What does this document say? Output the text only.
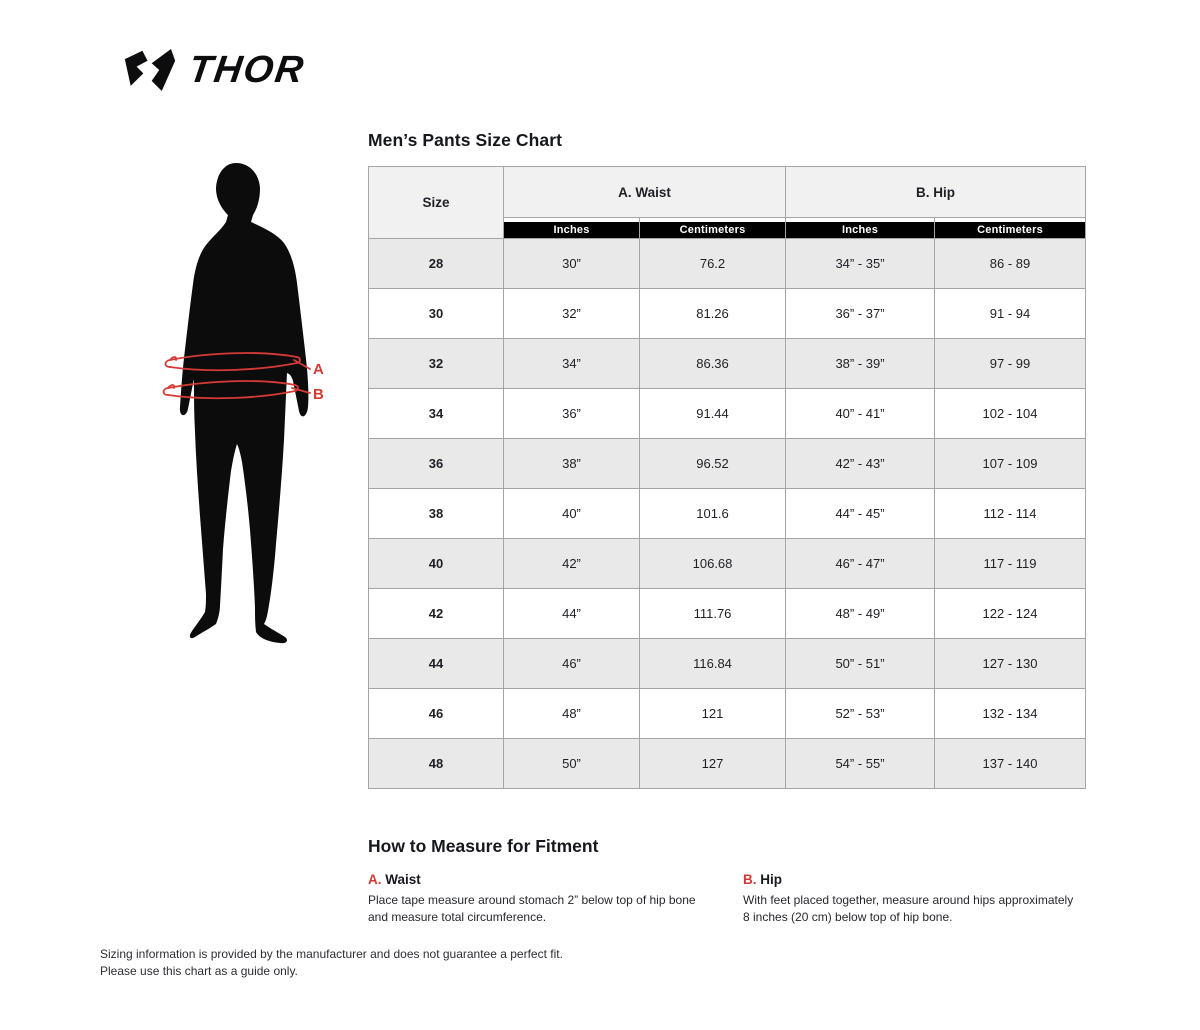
THOR
A
B
Men’s Pants Size Chart
Size	A. Waist		B. Hip	

	Inches	Centimeters	Inches	Centimeters

28	30”	76.2	34” - 35”	86 - 89
30	32”	81.26	36” - 37”	91 - 94
32	34”	86.36	38” - 39”	97 - 99
34	36”	91.44	40” - 41”	102 - 104
36	38”	96.52	42” - 43”	107 - 109
38	40”	101.6	44” - 45”	112 - 114
40	42”	106.68	46” - 47”	117 - 119
42	44”	111.76	48” - 49”	122 - 124
44	46”	116.84	50” - 51”	127 - 130
46	48”	121	52” - 53”	132 - 134
48	50”	127	54” - 55”	137 - 140
How to Measure for Fitment
A. Waist
Place tape measure around stomach 2” below top of hip bone and measure total circumference.
B. Hip
With feet placed together, measure around hips approximately 8 inches (20 cm) below top of hip bone.
Sizing information is provided by the manufacturer and does not guarantee a perfect fit.
Please use this chart as a guide only.
